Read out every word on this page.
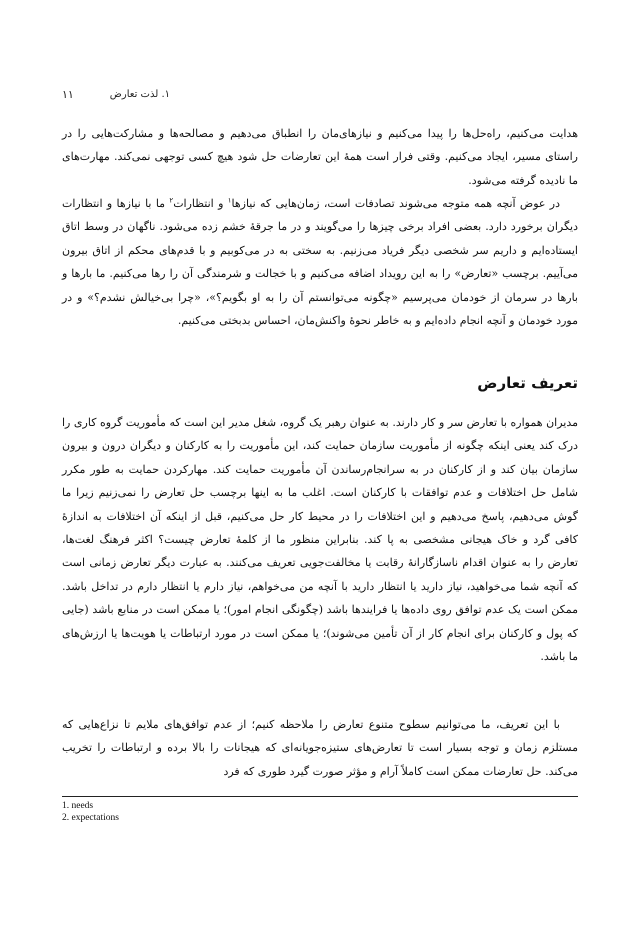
۱. لذت تعارض
۱۱
هدایت می‌کنیم، راه‌حل‌ها را پیدا می‌کنیم و نیازهای‌مان را انطباق می‌دهیم و مصالحه‌ها و مشارکت‌هایی را در راستای مسیر، ایجاد می‌کنیم. وقتی فرار است همهٔ این تعارضات حل شود هیچ کسی توجهی نمی‌کند. مهارت‌های ما نادیده گرفته می‌شود.
در عوض آنچه همه متوجه می‌شوند تصادفات است، زمان‌هایی که نیازها$^۱$ و انتظارات$^۲$ ما با نیازها و انتظارات دیگران برخورد دارد. بعضی افراد برخی چیزها را می‌گویند و در ما جرقهٔ خشم زده می‌شود. ناگهان در وسط اتاق ایستاده‌ایم و داریم سر شخصی دیگر فریاد می‌زنیم. به سختی به در می‌کوبیم و با قدم‌های محکم از اتاق بیرون می‌آییم. برچسب «تعارض» را به این رویداد اضافه می‌کنیم و با خجالت و شرمندگی آن را رها می‌کنیم. ما بارها و بارها در سرمان از خودمان می‌پرسیم «چگونه می‌توانستم آن را به او بگویم؟»، «چرا بی‌خیالش نشدم؟» و در مورد خودمان و آنچه انجام داده‌ایم و به خاطر نحوهٔ واکنش‌مان، احساس بدبختی می‌کنیم.
تعریف تعارض
مدیران همواره با تعارض سر و کار دارند. به عنوان رهبر یک گروه، شغل مدیر این است که مأموریت گروه کاری را درک کند یعنی اینکه چگونه از مأموریت سازمان حمایت کند، این مأموریت را به کارکنان و دیگران درون و بیرون سازمان بیان کند و از کارکنان در به سرانجام‌رساندن آن مأموریت حمایت کند. مهارکردن حمایت به طور مکرر شامل حل اختلافات و عدم توافقات با کارکنان است. اغلب ما به اینها برچسب حل تعارض را نمی‌زنیم زیرا ما گوش می‌دهیم، پاسخ می‌دهیم و این اختلافات را در محیط کار حل می‌کنیم، قبل از اینکه آن اختلافات به اندازهٔ کافی گرد و خاک هیجانی مشخصی به پا کند. بنابراین منظور ما از کلمهٔ تعارض چیست؟ اکثر فرهنگ لغت‌ها، تعارض را به عنوان اقدام ناسازگارانهٔ رقابت یا مخالفت‌جویی تعریف می‌کنند. به عبارت دیگر تعارض زمانی است که آنچه شما می‌خواهید، نیاز دارید یا انتظار دارید با آنچه من می‌خواهم، نیاز دارم یا انتظار دارم در تداخل باشد. ممکن است یک عدم توافق روی داده‌ها یا فرایندها باشد (چگونگی انجام امور)؛ یا ممکن است در منابع باشد (جایی که پول و کارکنان برای انجام کار از آن تأمین می‌شوند)؛ یا ممکن است در مورد ارتباطات یا هویت‌ها یا ارزش‌های ما باشد.
با این تعریف، ما می‌توانیم سطوح متنوع تعارض را ملاحظه کنیم؛ از عدم توافق‌های ملایم تا نزاع‌هایی که مستلزم زمان و توجه بسیار است تا تعارض‌های ستیزه‌جویانه‌ای که هیجانات را بالا برده و ارتباطات را تخریب می‌کند. حل تعارضات ممکن است کاملاً آرام و مؤثر صورت گیرد طوری که فرد
1. needs
2. expectations
